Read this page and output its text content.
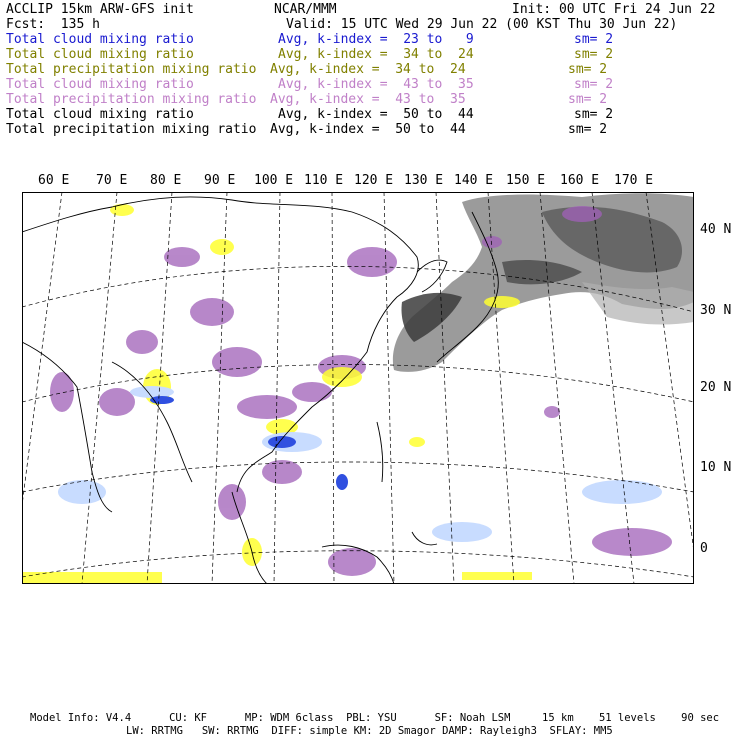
ACCLIP 15km ARW-GFS init	NCAR/MMM	Init: 00 UTC Fri 24 Jun 22
Fcst:  135 h	Valid: 15 UTC Wed 29 Jun 22 (00 KST Thu 30 Jun 22)
Total cloud mixing ratio	Avg, k-index =  23 to   9	sm= 2
Total cloud mixing ratio	Avg, k-index =  34 to  24	sm= 2
Total precipitation mixing ratio Avg, k-index =  34 to  24	sm= 2
Total cloud mixing ratio	Avg, k-index =  43 to  35	sm= 2
Total precipitation mixing ratio Avg, k-index =  43 to  35	sm= 2
Total cloud mixing ratio	Avg, k-index =  50 to  44	sm= 2
Total precipitation mixing ratio Avg, k-index =  50 to  44	sm= 2
60 E 70 E 80 E 90 E 100 E 110 E 120 E 130 E 140 E 150 E 160 E 170 E
40 N
30 N
20 N
10 N
0
Model Info: V4.4      CU: KF      MP: WDM 6class  PBL: YSU      SF: Noah LSM     15 km    51 levels    90 sec
LW: RRTMG   SW: RRTMG  DIFF: simple KM: 2D Smagor DAMP: Rayleigh3  SFLAY: MM5
